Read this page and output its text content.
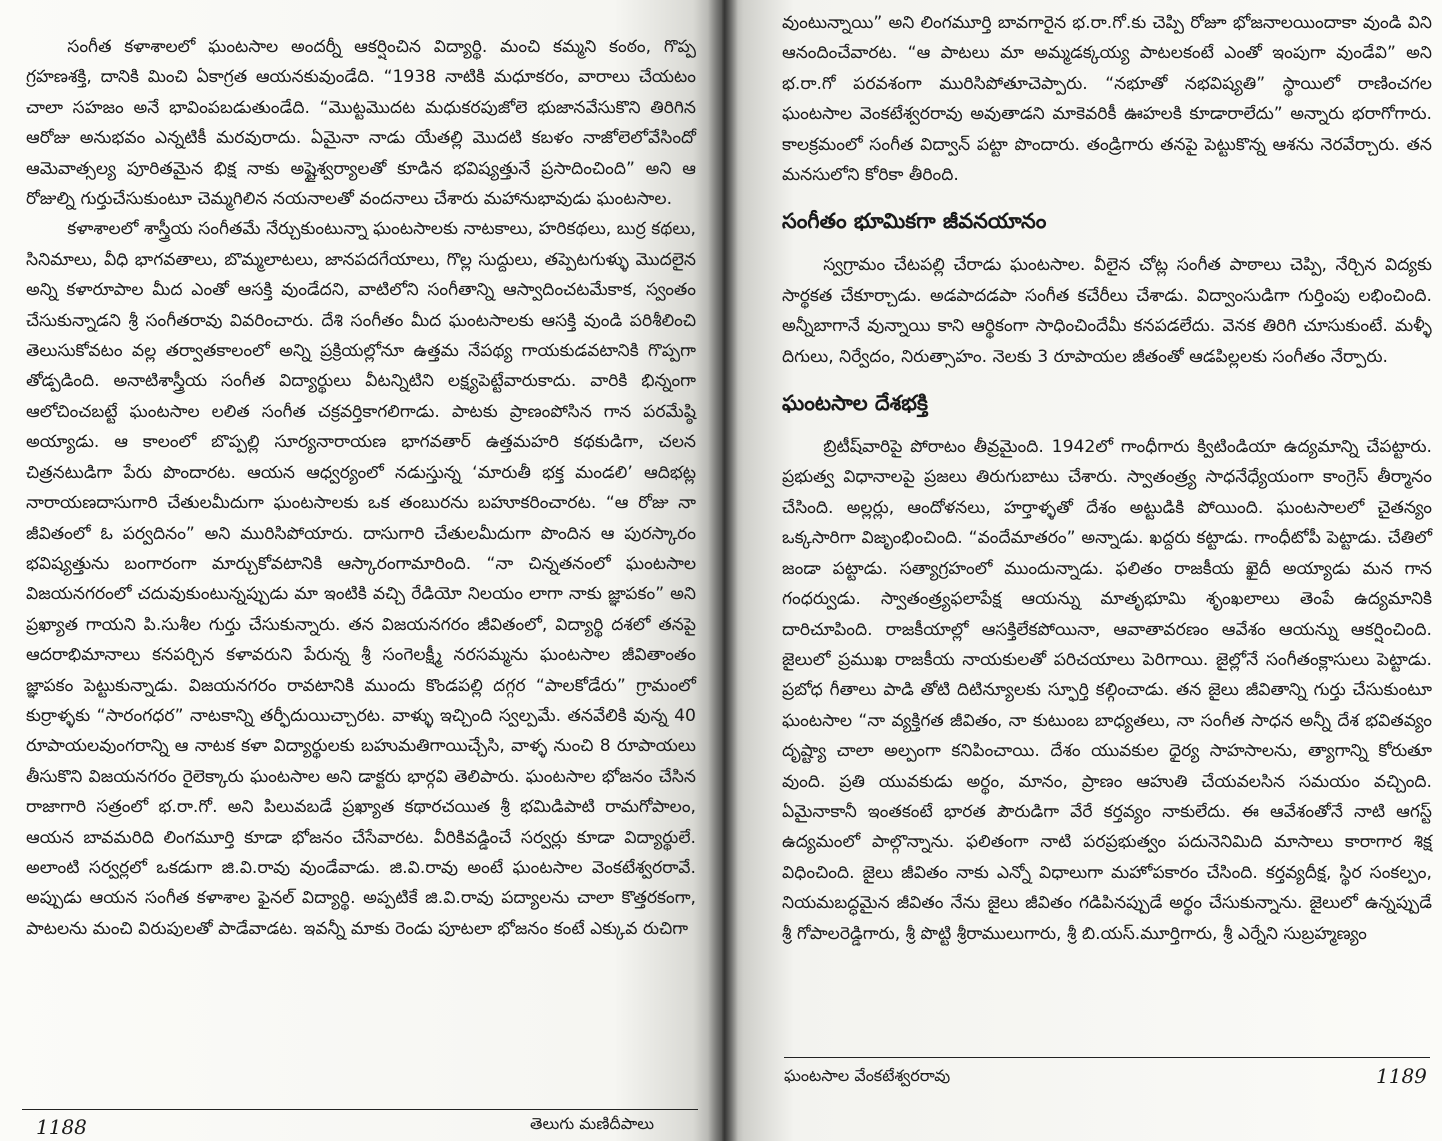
సంగీత కళాశాలలో ఘంటసాల అందర్నీ ఆకర్షించిన విద్యార్థి. మంచి కమ్మని కంఠం, గొప్ప గ్రహణశక్తి, దానికి మించి ఏకాగ్రత ఆయనకువుండేది. “1938 నాటికి మధూకరం, వారాలు చేయటం చాలా సహజం అనే భావింపబడుతుండేది. “మొట్టమొదట మధుకరపుజోలె భుజానవేసుకొని తిరిగిన ఆరోజు అనుభవం ఎన్నటికీ మరవురాదు. ఏమైనా నాడు యేతల్లి మొదటి కబళం నాజోలెలోవేసిందో ఆమెవాత్సల్య పూరితమైన భిక్ష నాకు అష్టైశ్వర్యాలతో కూడిన భవిష్యత్తునే ప్రసాదించింది” అని ఆ రోజుల్ని గుర్తుచేసుకుంటూ చెమ్మగిలిన నయనాలతో వందనాలు చేశారు మహానుభావుడు ఘంటసాల.

కళాశాలలో శాస్త్రీయ సంగీతమే నేర్చుకుంటున్నా ఘంటసాలకు నాటకాలు, హరికథలు, బుర్ర కథలు, సినిమాలు, వీధి భాగవతాలు, బొమ్మలాటలు, జానపదగేయాలు, గొల్ల సుద్దులు, తప్పెటగుళ్ళు మొదలైన అన్ని కళారూపాల మీద ఎంతో ఆసక్తి వుండేదని, వాటిలోని సంగీతాన్ని ఆస్వాదించటమేకాక, స్వంతం చేసుకున్నాడని శ్రీ సంగీతరావు వివరించారు. దేశి సంగీతం మీద ఘంటసాలకు ఆసక్తి వుండి పరిశీలించి తెలుసుకోవటం వల్ల తర్వాతకాలంలో అన్ని ప్రక్రియల్లోనూ ఉత్తమ నేపథ్య గాయకుడవటానికి గొప్పగా తోడ్పడింది. అనాటిశాస్త్రీయ సంగీత విద్యార్థులు వీటన్నిటిని లక్ష్యపెట్టేవారుకాదు. వారికి భిన్నంగా ఆలోచించబట్టే ఘంటసాల లలిత సంగీత చక్రవర్తికాగలిగాడు. పాటకు ప్రాణంపోసిన గాన పరమేష్ఠి అయ్యాడు. ఆ కాలంలో బొప్పల్లి సూర్యనారాయణ భాగవతార్ ఉత్తమహరి కథకుడిగా, చలన చిత్రనటుడిగా పేరు పొందారట. ఆయన ఆధ్వర్యంలో నడుస్తున్న ‘మారుతీ భక్త మండలి’ ఆదిభట్ల నారాయణదాసుగారి చేతులమీదుగా ఘంటసాలకు ఒక తంబురను బహూకరించారట. “ఆ రోజు నా జీవితంలో ఓ పర్వదినం” అని మురిసిపోయారు. దాసుగారి చేతులమీదుగా పొందిన ఆ పురస్కారం భవిష్యత్తును బంగారంగా మార్చుకోవటానికి ఆస్కారంగామారింది. “నా చిన్నతనంలో ఘంటసాల విజయనగరంలో చదువుకుంటున్నప్పుడు మా ఇంటికి వచ్చి రేడియో నిలయం లాగా నాకు జ్ఞాపకం” అని ప్రఖ్యాత గాయని పి.సుశీల గుర్తు చేసుకున్నారు. తన విజయనగరం జీవితంలో, విద్యార్థి దశలో తనపై ఆదరాభిమానాలు కనపర్చిన కళావరుని పేరున్న శ్రీ సంగెలక్ష్మీ నరసమ్మను ఘంటసాల జీవితాంతం జ్ఞాపకం పెట్టుకున్నాడు. విజయనగరం రావటానికి ముందు కొండపల్లి దగ్గర “పాలకోడేరు” గ్రామంలో కుర్రాళ్ళకు “సారంగధర” నాటకాన్ని తర్ఫీదుయిచ్చారట. వాళ్ళు ఇచ్చింది స్వల్పమే. తనవేలికి వున్న 40 రూపాయలవుంగరాన్ని ఆ నాటక కళా విద్యార్థులకు బహుమతిగాయిచ్చేసి, వాళ్ళ నుంచి 8 రూపాయలు తీసుకొని విజయనగరం రైలెక్కారు ఘంటసాల అని డాక్టరు భార్గవి తెలిపారు. ఘంటసాల భోజనం చేసిన రాజాగారి సత్రంలో భ.రా.గో. అని పిలువబడే ప్రఖ్యాత కథారచయిత శ్రీ భమిడిపాటి రామగోపాలం, ఆయన బావమరిది లింగమూర్తి కూడా భోజనం చేసేవారట. వీరికివడ్డించే సర్వర్లు కూడా విద్యార్థులే. అలాంటి సర్వర్లలో ఒకడుగా జి.వి.రావు వుండేవాడు. జి.వి.రావు అంటే ఘంటసాల వెంకటేశ్వరరావే. అప్పుడు ఆయన సంగీత కళాశాల ఫైనల్ విద్యార్థి. అప్పటికే జి.వి.రావు పద్యాలను చాలా కొత్తరకంగా, పాటలను మంచి విరుపులతో పాడేవాడట. ఇవన్నీ మాకు రెండు పూటలా భోజనం కంటే ఎక్కువ రుచిగా

తెలుగు మణిదీపాలు
1188

వుంటున్నాయి” అని లింగమూర్తి బావగారైన భ.రా.గో.కు చెప్పి రోజూ భోజనాలయిందాకా వుండి విని ఆనందించేవారట. “ఆ పాటలు మా అమ్మడక్కయ్య పాటలకంటే ఎంతో ఇంపుగా వుండేవి” అని భ.రా.గో పరవశంగా మురిసిపోతూచెప్పారు. “నభూతో నభవిష్యతి” స్థాయిలో రాణించగల ఘంటసాల వెంకటేశ్వరరావు అవుతాడని మాకెవరికీ ఊహలకి కూడారాలేదు” అన్నారు భరాగోగారు. కాలక్రమంలో సంగీత విద్వాన్ పట్టా పొందారు. తండ్రిగారు తనపై పెట్టుకొన్న ఆశను నెరవేర్చారు. తన మనసులోని కోరికా తీరింది.

సంగీతం భూమికగా జీవనయానం

స్వగ్రామం చేటపల్లి చేరాడు ఘంటసాల. వీలైన చోట్ల సంగీత పాఠాలు చెప్పి, నేర్చిన విద్యకు సార్థకత చేకూర్చాడు. అడపాదడపా సంగీత కచేరీలు చేశాడు. విద్వాంసుడిగా గుర్తింపు లభించింది. అన్నీబాగానే వున్నాయి కాని ఆర్థికంగా సాధించిందేమీ కనపడలేదు. వెనక తిరిగి చూసుకుంటే. మళ్ళీ దిగులు, నిర్వేదం, నిరుత్సాహం. నెలకు 3 రూపాయల జీతంతో ఆడపిల్లలకు సంగీతం నేర్పారు.

ఘంటసాల దేశభక్తి

బ్రిటీష్‌వారిపై పోరాటం తీవ్రమైంది. 1942లో గాంధీగారు క్విటిండియా ఉద్యమాన్ని చేపట్టారు. ప్రభుత్వ విధానాలపై ప్రజలు తిరుగుబాటు చేశారు. స్వాతంత్ర్య సాధనేధ్యేయంగా కాంగ్రెస్ తీర్మానం చేసింది. అల్లర్లు, ఆందోళనలు, హర్తాళ్ళతో దేశం అట్టుడికి పోయింది. ఘంటసాలలో చైతన్యం ఒక్కసారిగా విజృంభించింది. “వందేమాతరం” అన్నాడు. ఖద్దరు కట్టాడు. గాంధీటోపీ పెట్టాడు. చేతిలో జండా పట్టాడు. సత్యాగ్రహంలో ముందున్నాడు. ఫలితం రాజకీయ ఖైదీ అయ్యాడు మన గాన గంధర్వుడు. స్వాతంత్ర్యఫలాపేక్ష ఆయన్ను మాతృభూమి శృంఖలాలు తెంపే ఉద్యమానికి దారిచూపింది. రాజకీయాల్లో ఆసక్తిలేకపోయినా, ఆవాతావరణం ఆవేశం ఆయన్ను ఆకర్షించింది. జైలులో ప్రముఖ రాజకీయ నాయకులతో పరిచయాలు పెరిగాయి. జైల్లోనే సంగీతంక్లాసులు పెట్టాడు. ప్రబోధ గీతాలు పాడి తోటి దిటిన్యూలకు స్ఫూర్తి కల్గించాడు. తన జైలు జీవితాన్ని గుర్తు చేసుకుంటూ ఘంటసాల “నా వ్యక్తిగత జీవితం, నా కుటుంబ బాధ్యతలు, నా సంగీత సాధన అన్నీ దేశ భవితవ్యం దృష్ట్యా చాలా అల్పంగా కనిపించాయి. దేశం యువకుల ధైర్య సాహసాలను, త్యాగాన్ని కోరుతూ వుంది. ప్రతి యువకుడు అర్థం, మానం, ప్రాణం ఆహుతి చేయవలసిన సమయం వచ్చింది. ఏమైనాకానీ ఇంతకంటే భారత పౌరుడిగా వేరే కర్తవ్యం నాకులేదు. ఈ ఆవేశంతోనే నాటి ఆగస్ట్ ఉద్యమంలో పాల్గొన్నాను. ఫలితంగా నాటి పరప్రభుత్వం పదునెనిమిది మాసాలు కారాగార శిక్ష విధించింది. జైలు జీవితం నాకు ఎన్నో విధాలుగా మహోపకారం చేసింది. కర్తవ్యదీక్ష, స్థిర సంకల్పం, నియమబద్ధమైన జీవితం నేను జైలు జీవితం గడిపినప్పుడే అర్థం చేసుకున్నాను. జైలులో ఉన్నప్పుడే శ్రీ గోపాలరెడ్డిగారు, శ్రీ పొట్టి శ్రీరాములుగారు, శ్రీ బి.యస్.మూర్తిగారు, శ్రీ ఎర్నేని సుబ్రహ్మణ్యం

ఘంటసాల వేంకటేశ్వరరావు	1189
